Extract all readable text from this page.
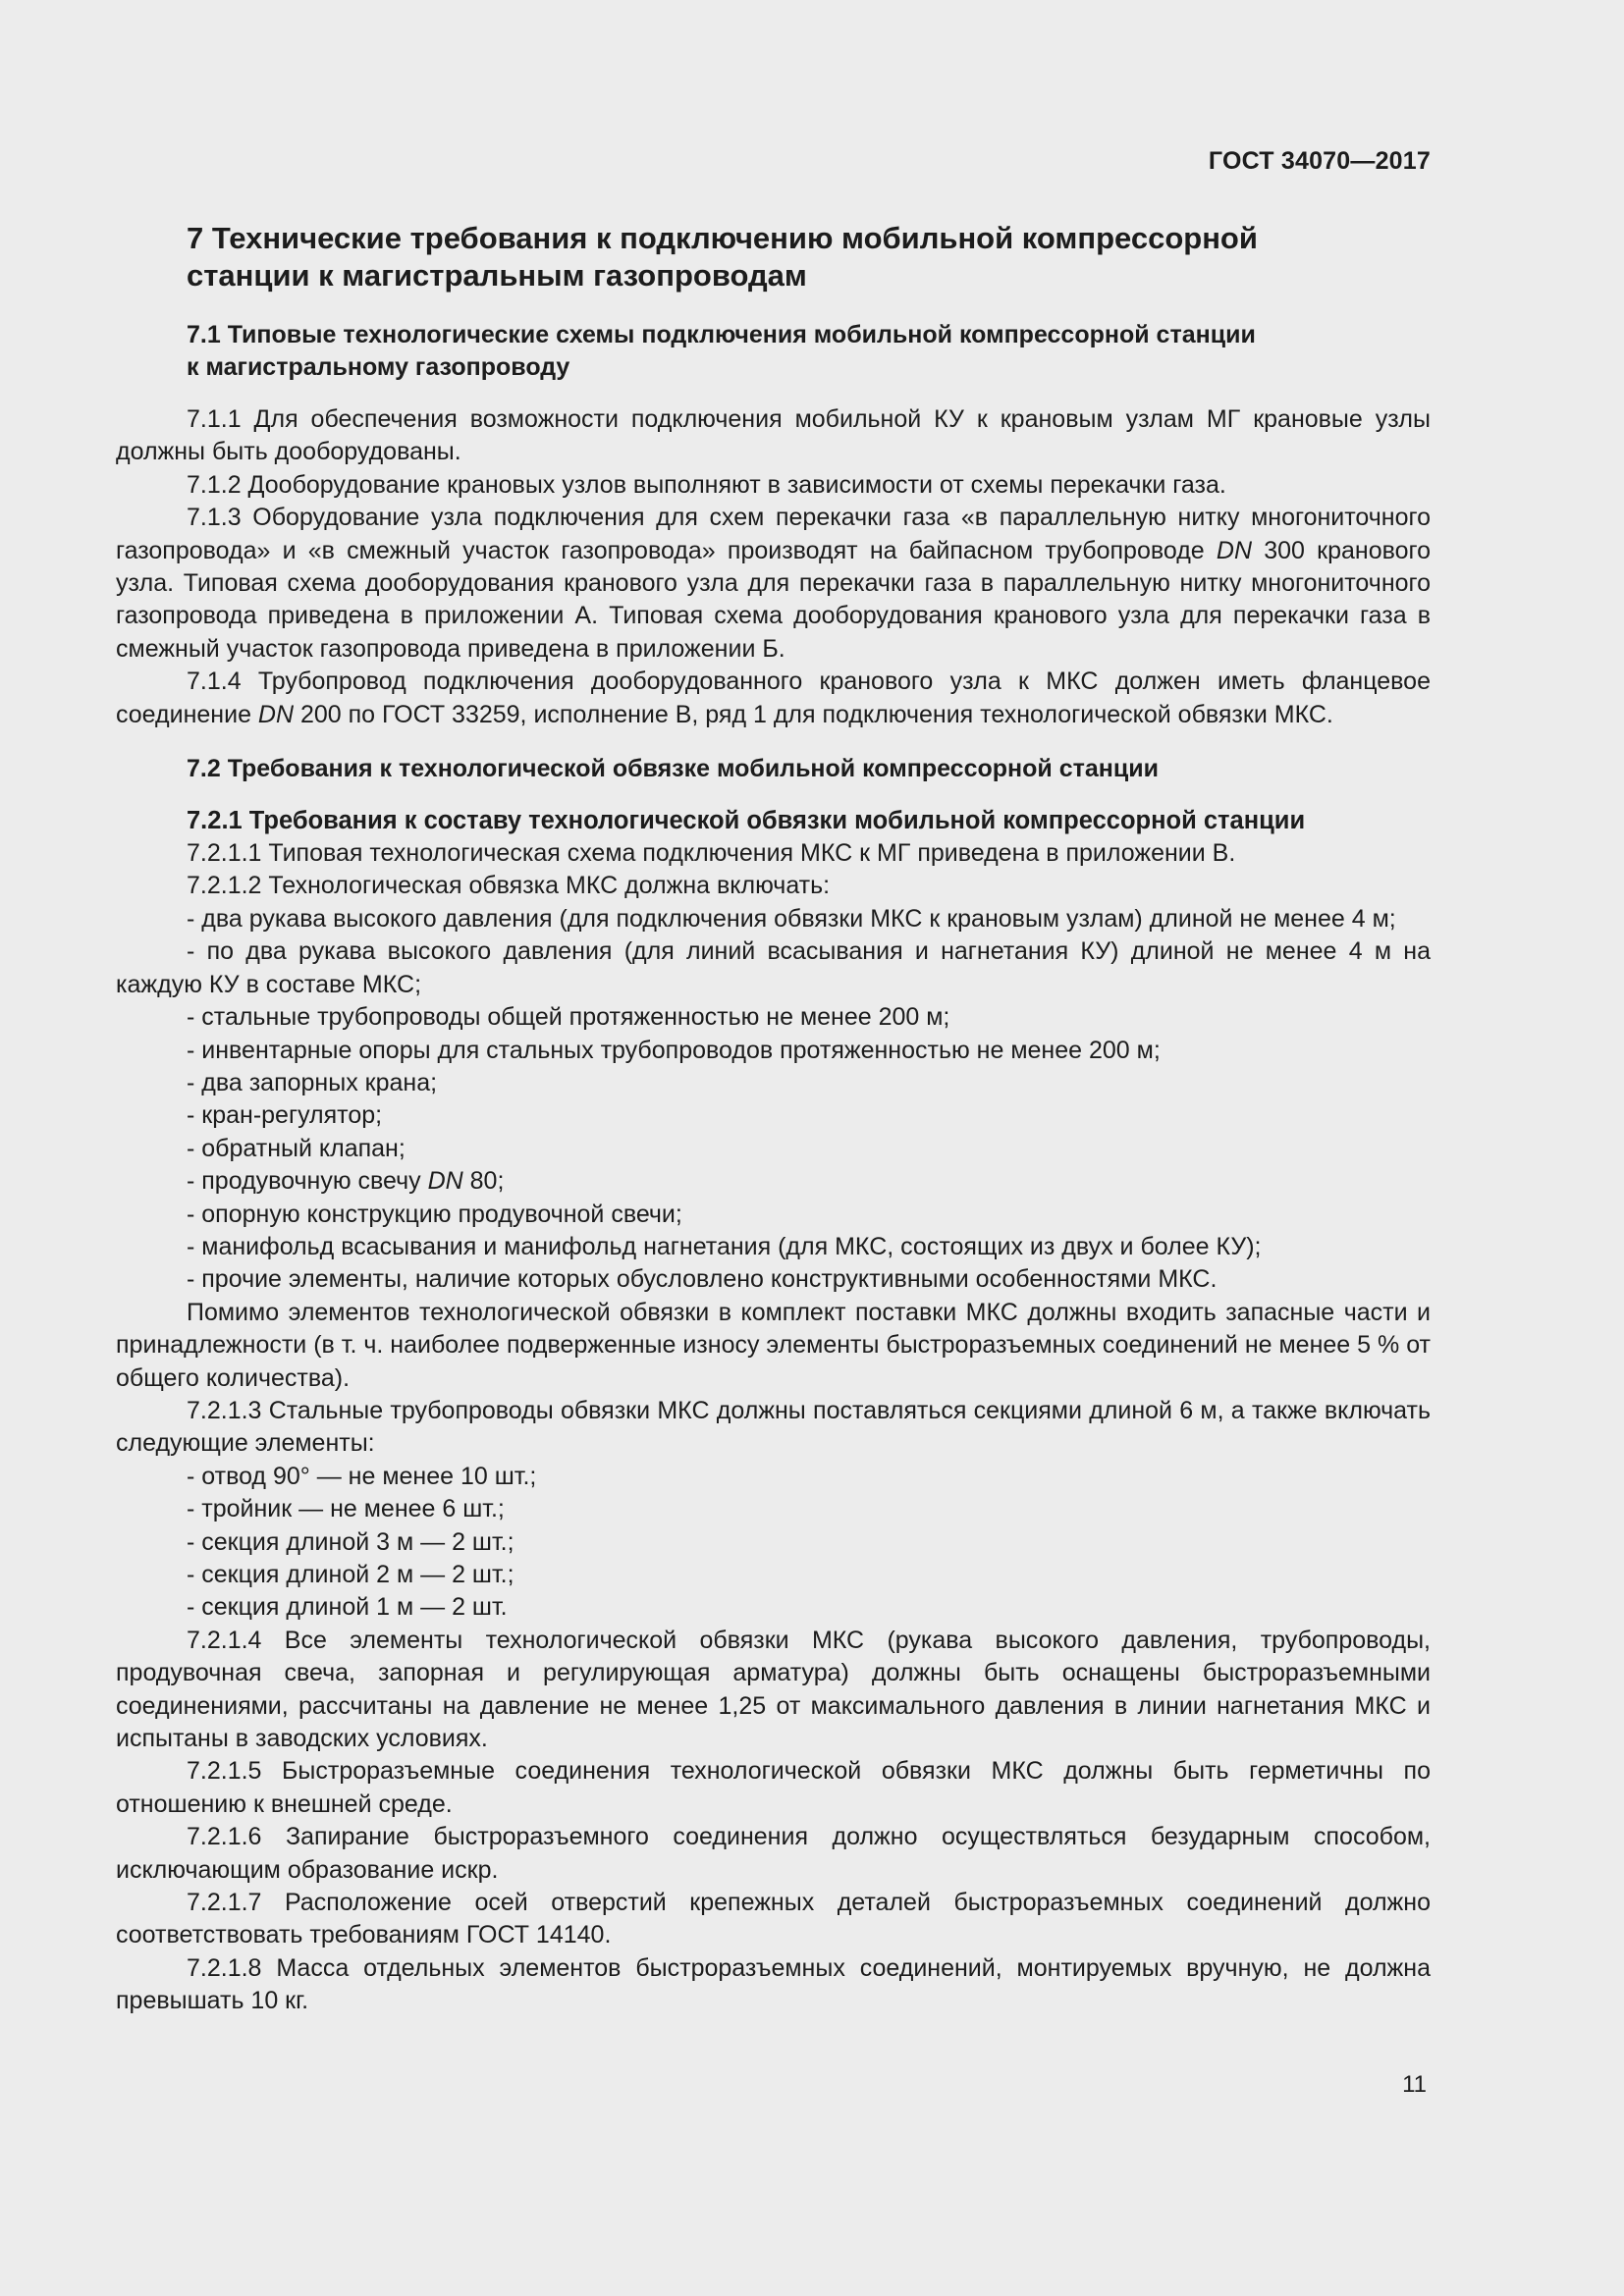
ГОСТ 34070—2017
7 Технические требования к подключению мобильной компрессорной
станции к магистральным газопроводам
7.1 Типовые технологические схемы подключения мобильной компрессорной станции
к магистральному газопроводу

7.1.1 Для обеспечения возможности подключения мобильной КУ к крановым узлам МГ крановые узлы должны быть дооборудованы.

7.1.2 Дооборудование крановых узлов выполняют в зависимости от схемы перекачки газа.

7.1.3 Оборудование узла подключения для схем перекачки газа «в параллельную нитку многониточного газопровода» и «в смежный участок газопровода» производят на байпасном трубопроводе DN 300 кранового узла. Типовая схема дооборудования кранового узла для перекачки газа в параллельную нитку многониточного газопровода приведена в приложении А. Типовая схема дооборудования кранового узла для перекачки газа в смежный участок газопровода приведена в приложении Б.

7.1.4 Трубопровод подключения дооборудованного кранового узла к МКС должен иметь фланцевое соединение DN 200 по ГОСТ 33259, исполнение В, ряд 1 для подключения технологической обвязки МКС.

7.2 Требования к технологической обвязке мобильной компрессорной станции
7.2.1 Требования к составу технологической обвязки мобильной компрессорной станции

7.2.1.1 Типовая технологическая схема подключения МКС к МГ приведена в приложении В.

7.2.1.2 Технологическая обвязка МКС должна включать:

- два рукава высокого давления (для подключения обвязки МКС к крановым узлам) длиной не менее 4 м;

- по два рукава высокого давления (для линий всасывания и нагнетания КУ) длиной не менее 4 м на каждую КУ в составе МКС;

- стальные трубопроводы общей протяженностью не менее 200 м;

- инвентарные опоры для стальных трубопроводов протяженностью не менее 200 м;

- два запорных крана;

- кран-регулятор;

- обратный клапан;

- продувочную свечу DN 80;

- опорную конструкцию продувочной свечи;

- манифольд всасывания и манифольд нагнетания (для МКС, состоящих из двух и более КУ);

- прочие элементы, наличие которых обусловлено конструктивными особенностями МКС.

Помимо элементов технологической обвязки в комплект поставки МКС должны входить запасные части и принадлежности (в т. ч. наиболее подверженные износу элементы быстроразъемных соединений не менее 5 % от общего количества).

7.2.1.3 Стальные трубопроводы обвязки МКС должны поставляться секциями длиной 6 м, а также включать следующие элементы:

- отвод 90° — не менее 10 шт.;

- тройник — не менее 6 шт.;

- секция длиной 3 м — 2 шт.;

- секция длиной 2 м — 2 шт.;

- секция длиной 1 м — 2 шт.

7.2.1.4 Все элементы технологической обвязки МКС (рукава высокого давления, трубопроводы, продувочная свеча, запорная и регулирующая арматура) должны быть оснащены быстроразъемными соединениями, рассчитаны на давление не менее 1,25 от максимального давления в линии нагнетания МКС и испытаны в заводских условиях.

7.2.1.5 Быстроразъемные соединения технологической обвязки МКС должны быть герметичны по отношению к внешней среде.

7.2.1.6 Запирание быстроразъемного соединения должно осуществляться безударным способом, исключающим образование искр.

7.2.1.7 Расположение осей отверстий крепежных деталей быстроразъемных соединений должно соответствовать требованиям ГОСТ 14140.

7.2.1.8 Масса отдельных элементов быстроразъемных соединений, монтируемых вручную, не должна превышать 10 кг.

11
